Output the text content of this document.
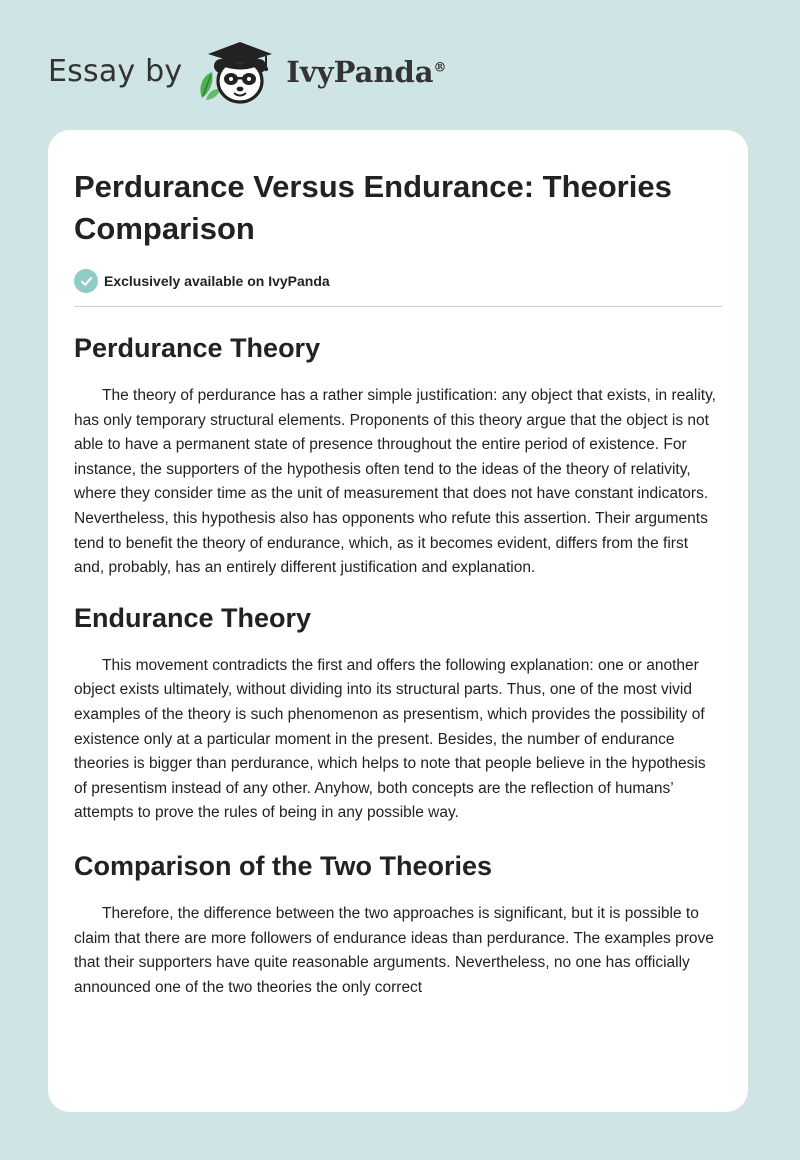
Essay by	IvyPanda®
Perdurance Versus Endurance: Theories Comparison
Exclusively available on IvyPanda
Perdurance Theory

The theory of perdurance has a rather simple justification: any object that exists, in reality, has only temporary structural elements. Proponents of this theory argue that the object is not able to have a permanent state of presence throughout the entire period of existence. For instance, the supporters of the hypothesis often tend to the ideas of the theory of relativity, where they consider time as the unit of measurement that does not have constant indicators. Nevertheless, this hypothesis also has opponents who refute this assertion. Their arguments tend to benefit the theory of endurance, which, as it becomes evident, differs from the first and, probably, has an entirely different justification and explanation.

Endurance Theory

This movement contradicts the first and offers the following explanation: one or another object exists ultimately, without dividing into its structural parts. Thus, one of the most vivid examples of the theory is such phenomenon as presentism, which provides the possibility of existence only at a particular moment in the present. Besides, the number of endurance theories is bigger than perdurance, which helps to note that people believe in the hypothesis of presentism instead of any other. Anyhow, both concepts are the reflection of humans’ attempts to prove the rules of being in any possible way.

Comparison of the Two Theories

Therefore, the difference between the two approaches is significant, but it is possible to claim that there are more followers of endurance ideas than perdurance. The examples prove that their supporters have quite reasonable arguments. Nevertheless, no one has officially announced one of the two theories the only correct
